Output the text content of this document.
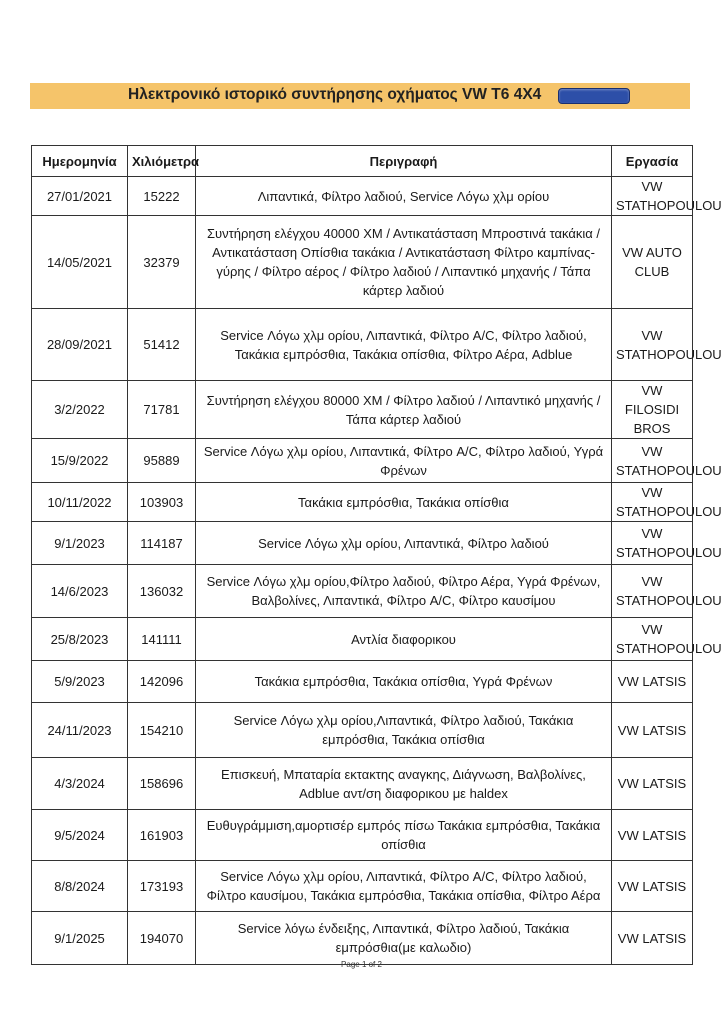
Ηλεκτρονικό ιστορικό συντήρησης οχήματος VW T6 4X4
Ημερομηνία	Χιλιόμετρα	Περιγραφή	Εργασία
27/01/2021	15222	Λιπαντικά, Φίλτρο λαδιού, Service Λόγω χλμ ορίου	VW STATHOPOULOU
14/05/2021	32379	Συντήρηση ελέγχου 40000 ΧΜ / Αντικατάσταση Μπροστινά τακάκια / Αντικατάσταση Οπίσθια τακάκια / Αντικατάσταση Φίλτρο καμπίνας-γύρης / Φίλτρο αέρος / Φίλτρο λαδιού / Λιπαντικό μηχανής / Τάπα κάρτερ λαδιού	VW AUTO CLUB
28/09/2021	51412	Service Λόγω χλμ ορίου, Λιπαντικά, Φίλτρο A/C, Φίλτρο λαδιού, Τακάκια εμπρόσθια, Τακάκια οπίσθια, Φίλτρο Αέρα, Adblue	VW STATHOPOULOU
3/2/2022	71781	Συντήρηση ελέγχου 80000 ΧΜ / Φίλτρο λαδιού / Λιπαντικό μηχανής / Τάπα κάρτερ λαδιού	VW FILOSIDI BROS
15/9/2022	95889	Service Λόγω χλμ ορίου, Λιπαντικά, Φίλτρο A/C, Φίλτρο λαδιού, Υγρά Φρένων	VW STATHOPOULOU
10/11/2022	103903	Τακάκια εμπρόσθια, Τακάκια οπίσθια	VW STATHOPOULOU
9/1/2023	114187	Service Λόγω χλμ ορίου, Λιπαντικά, Φίλτρο λαδιού	VW STATHOPOULOU
14/6/2023	136032	Service Λόγω χλμ ορίου,Φίλτρο λαδιού, Φίλτρο Αέρα, Υγρά Φρένων, Βαλβολίνες, Λιπαντικά, Φίλτρο A/C, Φίλτρο καυσίμου	VW STATHOPOULOU
25/8/2023	141111	Αντλία διαφορικου	VW STATHOPOULOU
5/9/2023	142096	Τακάκια εμπρόσθια, Τακάκια οπίσθια, Υγρά Φρένων	VW LATSIS
24/11/2023	154210	Service Λόγω χλμ ορίου,Λιπαντικά, Φίλτρο λαδιού, Τακάκια εμπρόσθια, Τακάκια οπίσθια	VW LATSIS
4/3/2024	158696	Επισκευή, Μπαταρία εκτακτης αναγκης, Διάγνωση, Βαλβολίνες, Adblue αντ/ση διαφορικου με haldex	VW LATSIS
9/5/2024	161903	Ευθυγράμμιση,αμορτισέρ εμπρός πίσω Τακάκια εμπρόσθια, Τακάκια οπίσθια	VW LATSIS
8/8/2024	173193	Service Λόγω χλμ ορίου, Λιπαντικά, Φίλτρο A/C, Φίλτρο λαδιού, Φίλτρο καυσίμου, Τακάκια εμπρόσθια, Τακάκια οπίσθια, Φίλτρο Αέρα	VW LATSIS
9/1/2025	194070	Service λόγω ένδειξης, Λιπαντικά, Φίλτρο λαδιού, Τακάκια εμπρόσθια(με καλωδιο)	VW LATSIS
Page 1 of 2
